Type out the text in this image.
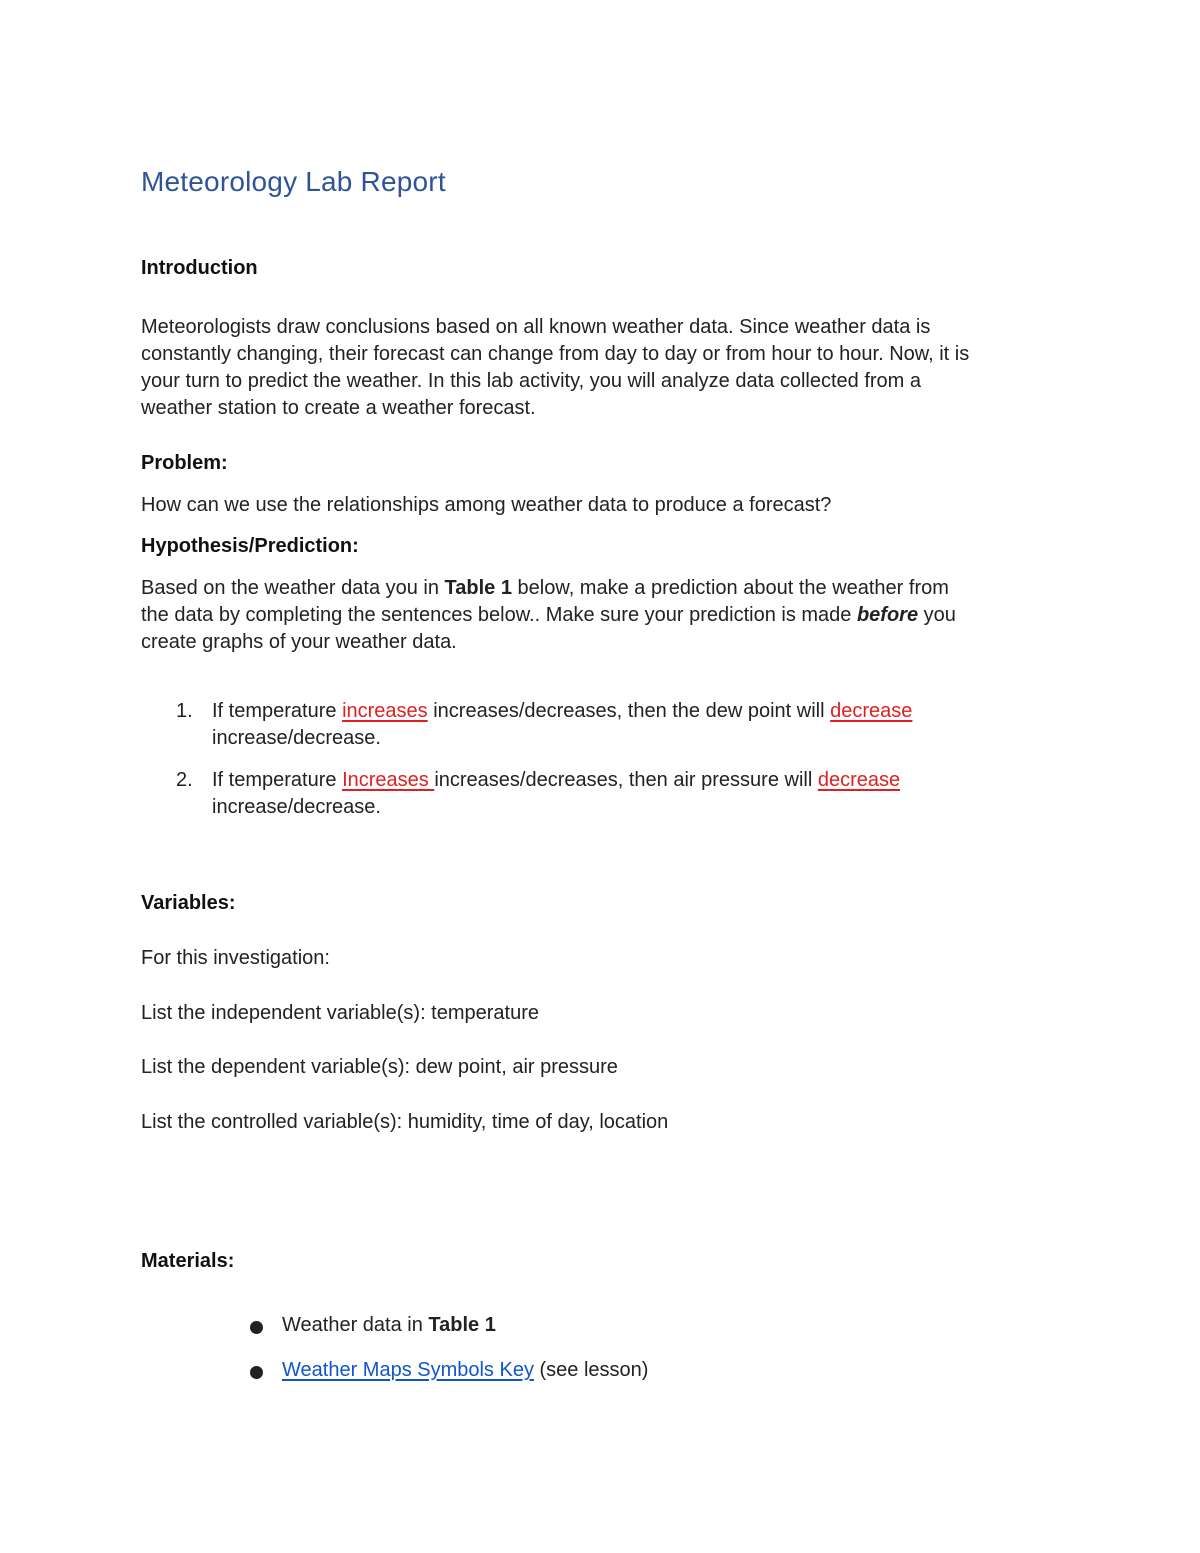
Meteorology Lab Report
Introduction
Meteorologists draw conclusions based on all known weather data. Since weather data is
constantly changing, their forecast can change from day to day or from hour to hour. Now, it is
your turn to predict the weather. In this lab activity, you will analyze data collected from a
weather station to create a weather forecast.
Problem:
How can we use the relationships among weather data to produce a forecast?
Hypothesis/Prediction:
Based on the weather data you in Table 1 below, make a prediction about the weather from
the data by completing the sentences below.. Make sure your prediction is made before you
create graphs of your weather data.
1. If temperature increases increases/decreases, then the dew point will decrease
increase/decrease.
2. If temperature Increases increases/decreases, then air pressure will decrease
increase/decrease.
Variables:
For this investigation:
List the independent variable(s): temperature
List the dependent variable(s): dew point, air pressure
List the controlled variable(s): humidity, time of day, location
Materials:
Weather data in Table 1
Weather Maps Symbols Key (see lesson)
